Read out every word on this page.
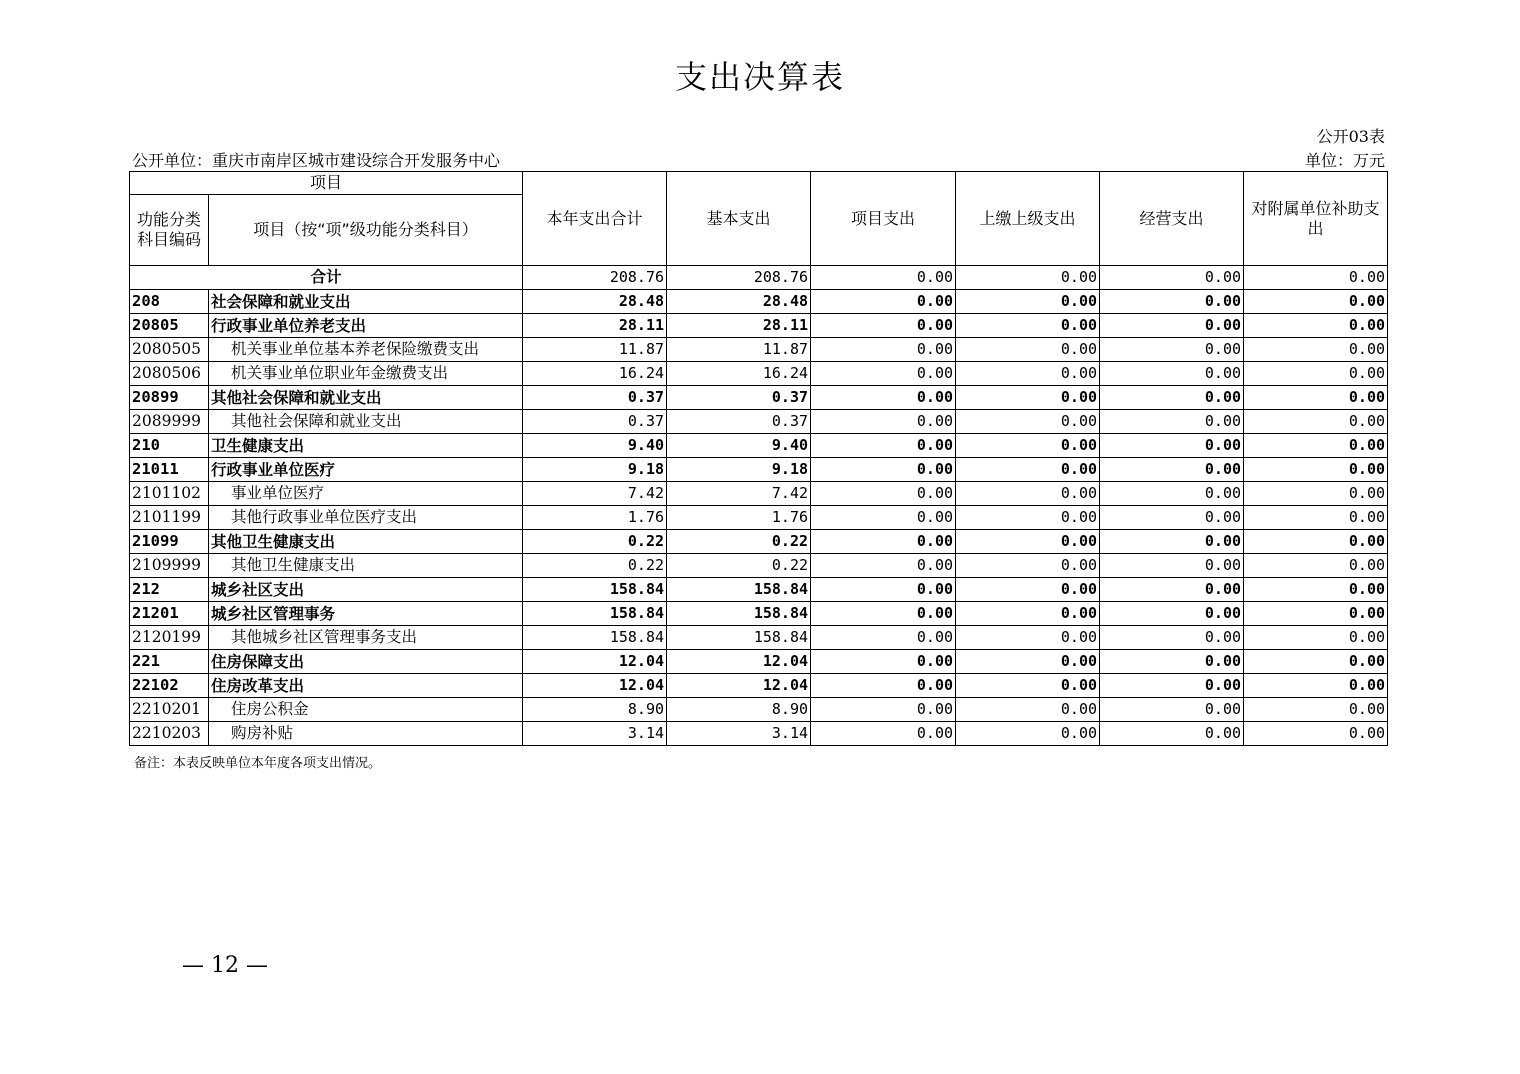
支出决算表
公开03表
公开单位：重庆市南岸区城市建设综合开发服务中心	单位：万元
项目		本年支出合计	基本支出	项目支出	上缴上级支出	经营支出	对附属单位补助支出
功能分类科目编码	项目（按“项”级功能分类科目）						
合计		208.76	208.76	0.00	0.00	0.00	0.00
208	社会保障和就业支出	28.48	28.48	0.00	0.00	0.00	0.00
20805	行政事业单位养老支出	28.11	28.11	0.00	0.00	0.00	0.00
2080505	机关事业单位基本养老保险缴费支出	11.87	11.87	0.00	0.00	0.00	0.00
2080506	机关事业单位职业年金缴费支出	16.24	16.24	0.00	0.00	0.00	0.00
20899	其他社会保障和就业支出	0.37	0.37	0.00	0.00	0.00	0.00
2089999	其他社会保障和就业支出	0.37	0.37	0.00	0.00	0.00	0.00
210	卫生健康支出	9.40	9.40	0.00	0.00	0.00	0.00
21011	行政事业单位医疗	9.18	9.18	0.00	0.00	0.00	0.00
2101102	事业单位医疗	7.42	7.42	0.00	0.00	0.00	0.00
2101199	其他行政事业单位医疗支出	1.76	1.76	0.00	0.00	0.00	0.00
21099	其他卫生健康支出	0.22	0.22	0.00	0.00	0.00	0.00
2109999	其他卫生健康支出	0.22	0.22	0.00	0.00	0.00	0.00
212	城乡社区支出	158.84	158.84	0.00	0.00	0.00	0.00
21201	城乡社区管理事务	158.84	158.84	0.00	0.00	0.00	0.00
2120199	其他城乡社区管理事务支出	158.84	158.84	0.00	0.00	0.00	0.00
221	住房保障支出	12.04	12.04	0.00	0.00	0.00	0.00
22102	住房改革支出	12.04	12.04	0.00	0.00	0.00	0.00
2210201	住房公积金	8.90	8.90	0.00	0.00	0.00	0.00
2210203	购房补贴	3.14	3.14	0.00	0.00	0.00	0.00
备注：本表反映单位本年度各项支出情况。
— 12 —
